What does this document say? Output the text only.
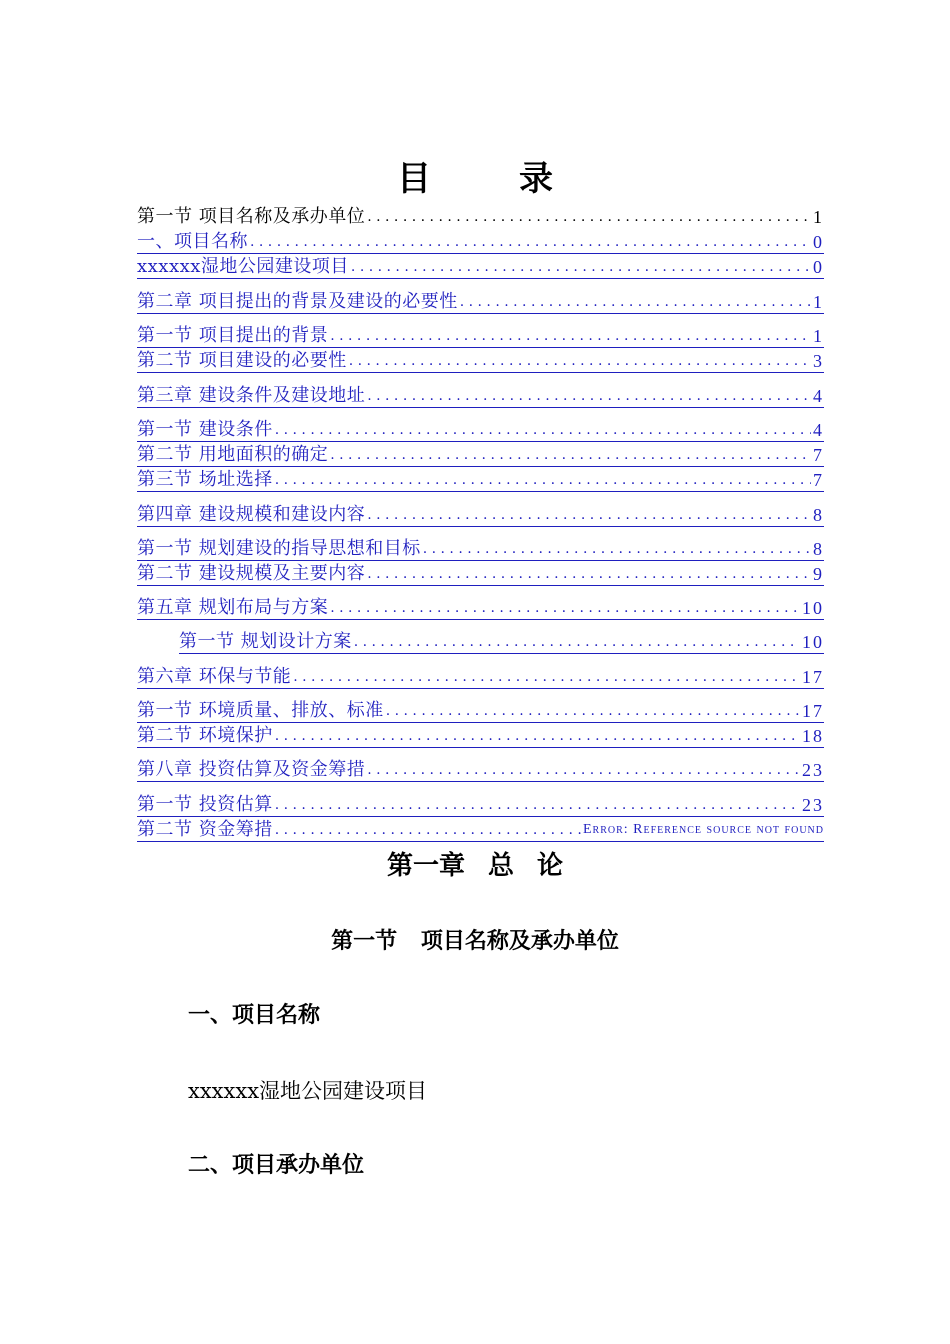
目录
第一节 项目名称及承办单位 . . .	1
一、项目名称 . . .	0
xxxxxx湿地公园建设项目 . . .	0
第二章 项目提出的背景及建设的必要性 . . .	1
第一节 项目提出的背景 . . .	1
第二节 项目建设的必要性 . . .	3
第三章 建设条件及建设地址 . . .	4
第一节 建设条件 . . .	4
第二节 用地面积的确定 . . .	7
第三节 场址选择 . . .	7
第四章 建设规模和建设内容 . . .	8
第一节 规划建设的指导思想和目标 . . .	8
第二节 建设规模及主要内容 . . .	9
第五章 规划布局与方案 . . .	10
第一节 规划设计方案 . . .	10
第六章 环保与节能 . . .	17
第一节 环境质量、排放、标准 . . .	17
第二节 环境保护 . . .	18
第八章 投资估算及资金筹措 . . .	23
第一节 投资估算 . . .	23
第二节 资金筹措 . . .	Error: Reference source not found
第一章 总 论
第一节 项目名称及承办单位
一、项目名称
xxxxxx湿地公园建设项目
二、项目承办单位
